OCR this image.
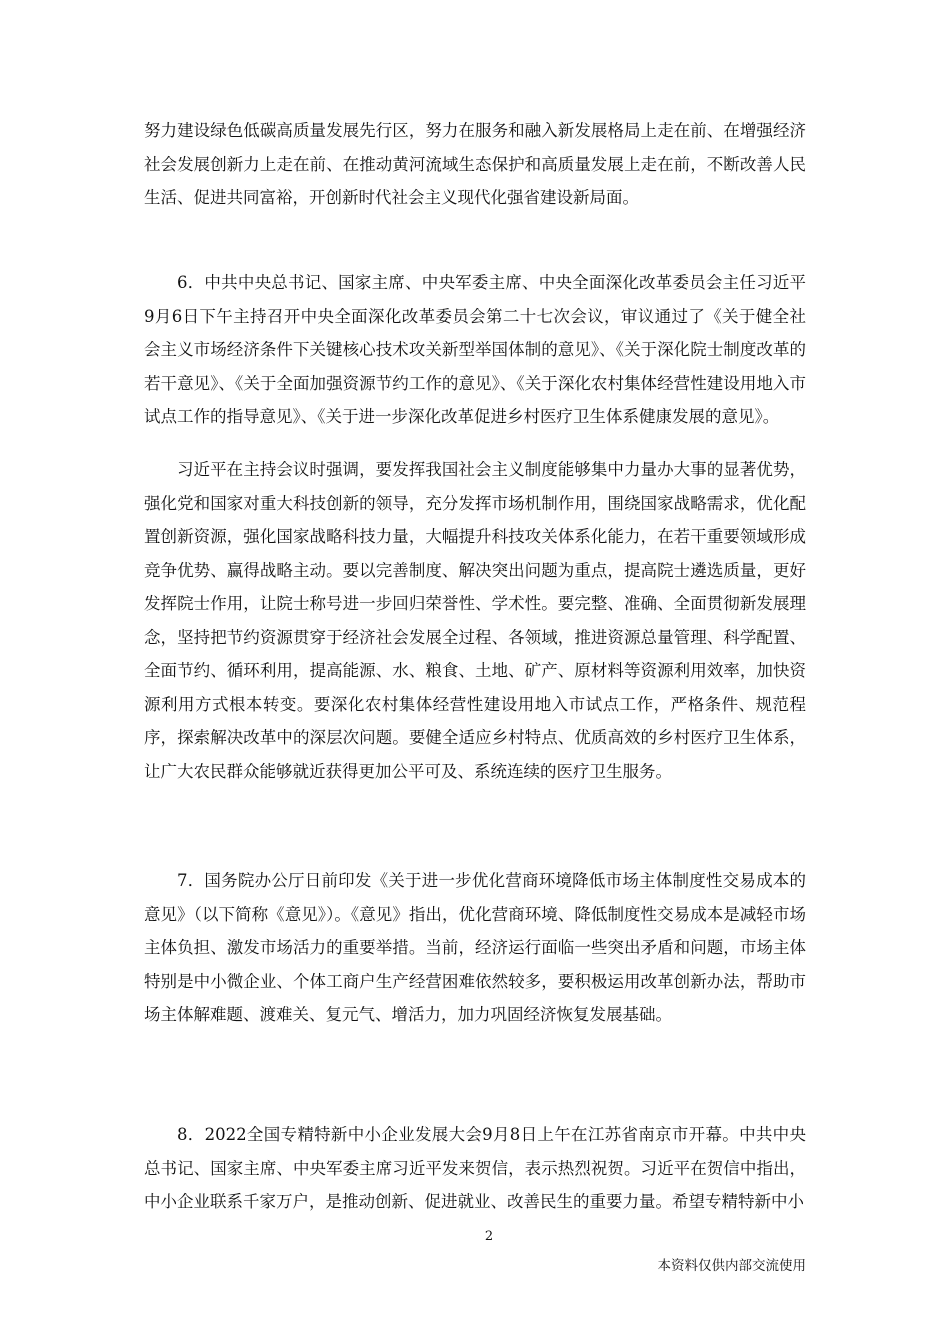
努力建设绿色低碳高质量发展先行区，努力在服务和融入新发展格局上走在前、在增强经济社会发展创新力上走在前、在推动黄河流域生态保护和高质量发展上走在前，不断改善人民生活、促进共同富裕，开创新时代社会主义现代化强省建设新局面。

6．中共中央总书记、国家主席、中央军委主席、中央全面深化改革委员会主任习近平9月6日下午主持召开中央全面深化改革委员会第二十七次会议，审议通过了《关于健全社会主义市场经济条件下关键核心技术攻关新型举国体制的意见》、《关于深化院士制度改革的若干意见》、《关于全面加强资源节约工作的意见》、《关于深化农村集体经营性建设用地入市试点工作的指导意见》、《关于进一步深化改革促进乡村医疗卫生体系健康发展的意见》。

习近平在主持会议时强调，要发挥我国社会主义制度能够集中力量办大事的显著优势，强化党和国家对重大科技创新的领导，充分发挥市场机制作用，围绕国家战略需求，优化配置创新资源，强化国家战略科技力量，大幅提升科技攻关体系化能力，在若干重要领域形成竞争优势、赢得战略主动。要以完善制度、解决突出问题为重点，提高院士遴选质量，更好发挥院士作用，让院士称号进一步回归荣誉性、学术性。要完整、准确、全面贯彻新发展理念，坚持把节约资源贯穿于经济社会发展全过程、各领域，推进资源总量管理、科学配置、全面节约、循环利用，提高能源、水、粮食、土地、矿产、原材料等资源利用效率，加快资源利用方式根本转变。要深化农村集体经营性建设用地入市试点工作，严格条件、规范程序，探索解决改革中的深层次问题。要健全适应乡村特点、优质高效的乡村医疗卫生体系，让广大农民群众能够就近获得更加公平可及、系统连续的医疗卫生服务。

7．国务院办公厅日前印发《关于进一步优化营商环境降低市场主体制度性交易成本的意见》（以下简称《意见》）。《意见》指出，优化营商环境、降低制度性交易成本是减轻市场主体负担、激发市场活力的重要举措。当前，经济运行面临一些突出矛盾和问题，市场主体特别是中小微企业、个体工商户生产经营困难依然较多，要积极运用改革创新办法，帮助市场主体解难题、渡难关、复元气、增活力，加力巩固经济恢复发展基础。

8．2022全国专精特新中小企业发展大会9月8日上午在江苏省南京市开幕。中共中央总书记、国家主席、中央军委主席习近平发来贺信，表示热烈祝贺。习近平在贺信中指出，中小企业联系千家万户，是推动创新、促进就业、改善民生的重要力量。希望专精特新中小

2
本资料仅供内部交流使用
